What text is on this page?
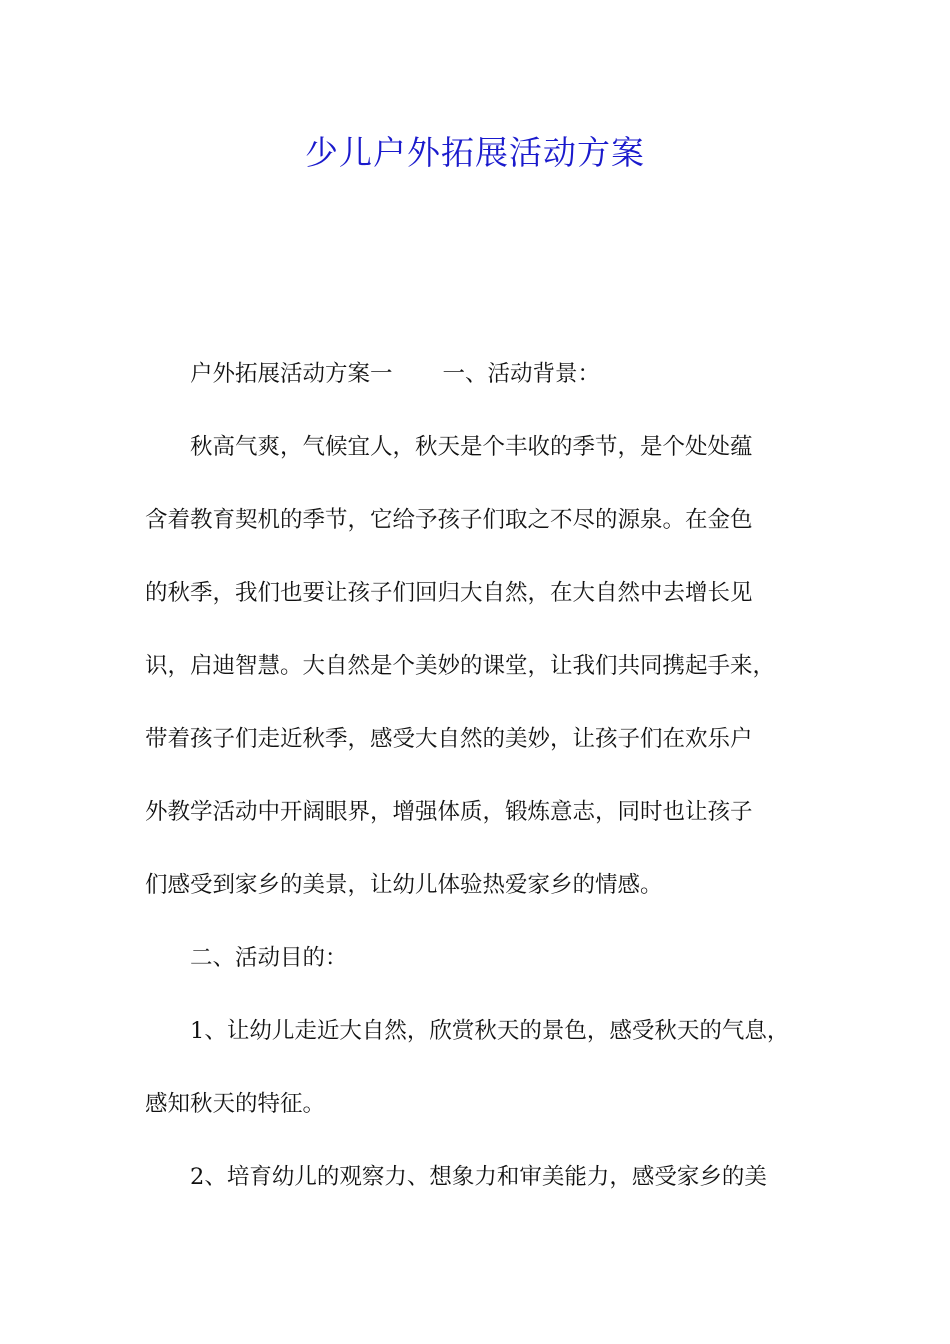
少儿户外拓展活动方案

户外拓展活动方案一 一、活动背景：

秋高气爽，气候宜人，秋天是个丰收的季节，是个处处蕴

含着教育契机的季节，它给予孩子们取之不尽的源泉。在金色

的秋季，我们也要让孩子们回归大自然，在大自然中去增长见

识，启迪智慧。大自然是个美妙的课堂，让我们共同携起手来，

带着孩子们走近秋季，感受大自然的美妙，让孩子们在欢乐户

外教学活动中开阔眼界，增强体质，锻炼意志，同时也让孩子

们感受到家乡的美景，让幼儿体验热爱家乡的情感。

二、活动目的：

1、让幼儿走近大自然，欣赏秋天的景色，感受秋天的气息，

感知秋天的特征。

2、培育幼儿的观察力、想象力和审美能力，感受家乡的美
